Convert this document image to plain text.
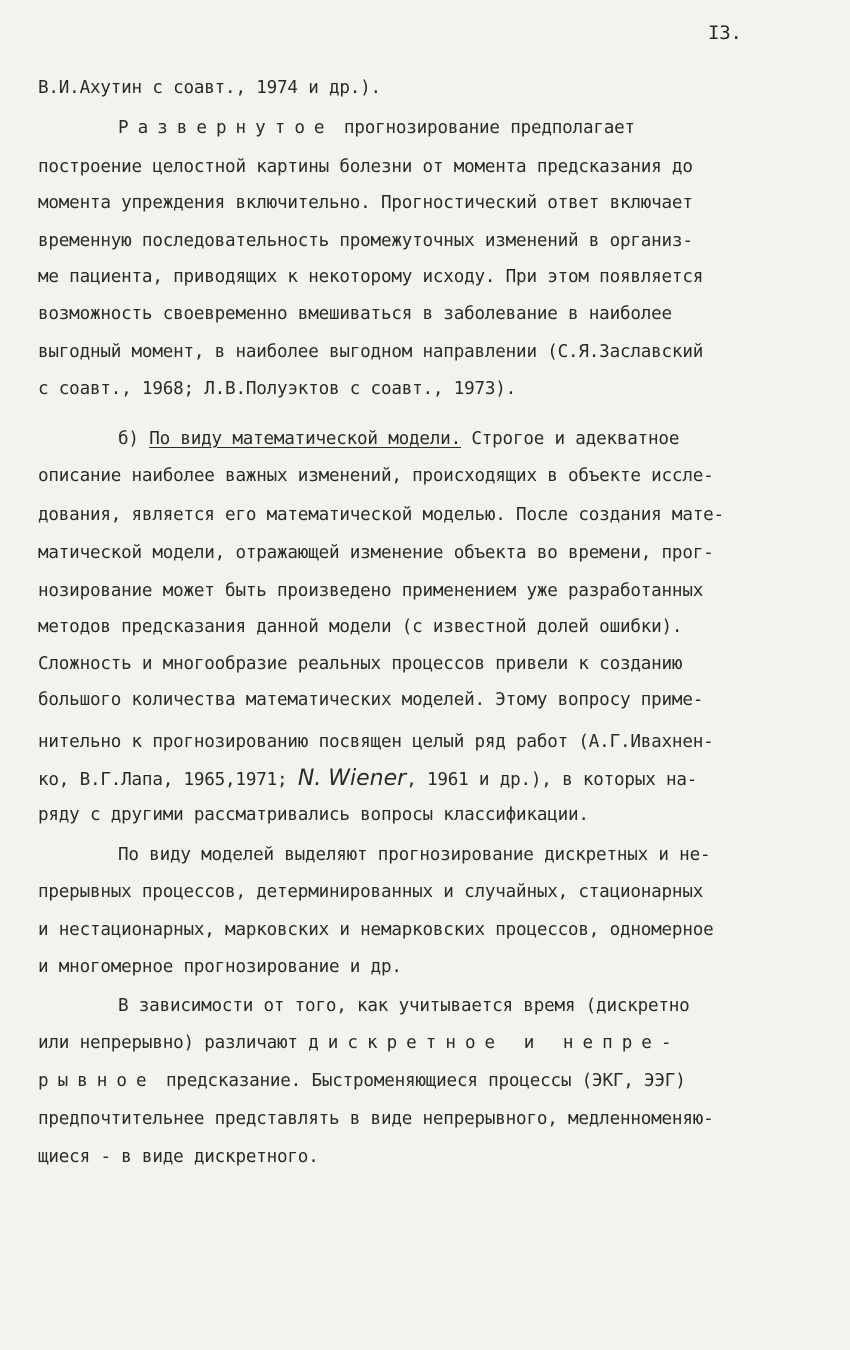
I3.
В.И.Ахутин с соавт., 1974 и др.).
Развернутое прогнозирование предполагает
построение целостной картины болезни от момента предсказания до
момента упреждения включительно. Прогностический ответ включает
временную последовательность промежуточных изменений в организ-
ме пациента, приводящих к некоторому исходу. При этом появляется
возможность своевременно вмешиваться в заболевание в наиболее
выгодный момент, в наиболее выгодном направлении (С.Я.Заславский
с соавт., 1968; Л.В.Полуэктов с соавт., 1973).
б) По виду математической модели. Строгое и адекватное
описание наиболее важных изменений, происходящих в объекте иссле-
дования, является его математической моделью. После создания мате-
матической модели, отражающей изменение объекта во времени, прог-
нозирование может быть произведено применением уже разработанных
методов предсказания данной модели (с известной долей ошибки).
Сложность и многообразие реальных процессов привели к созданию
большого количества математических моделей. Этому вопросу приме-
нительно к прогнозированию посвящен целый ряд работ (А.Г.Ивахнен-
ко, В.Г.Лапа, 1965,1971; N. Wiener, 1961 и др.), в которых на-
ряду с другими рассматривались вопросы классификации.
По виду моделей выделяют прогнозирование дискретных и не-
прерывных процессов, детерминированных и случайных, стационарных
и нестационарных, марковских и немарковских процессов, одномерное
и многомерное прогнозирование и др.
В зависимости от того, как учитывается время (дискретно
или непрерывно) различают дискретное и непре-
рывное предсказание. Быстроменяющиеся процессы (ЭКГ, ЭЭГ)
предпочтительнее представлять в виде непрерывного, медленноменяю-
щиеся - в виде дискретного.
